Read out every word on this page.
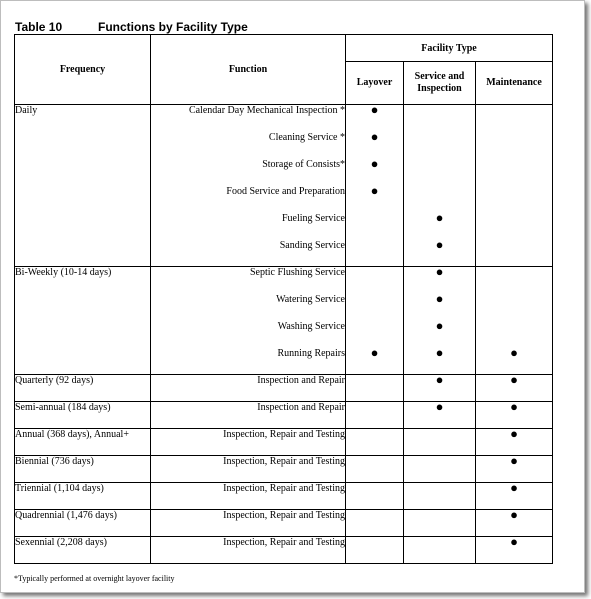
Table 10	Functions by Facility Type
Frequency	Function	Facility Type		
		Layover	Service and Inspection	Maintenance
Daily	Calendar Day Mechanical Inspection *	●		
	Cleaning Service *	●		
	Storage of Consists*	●		
	Food Service and Preparation	●		
	Fueling Service		●	
	Sanding Service		●	
Bi-Weekly (10-14 days)	Septic Flushing Service		●	
	Watering Service		●	
	Washing Service		●	
	Running Repairs	●	●	●
Quarterly (92 days)	Inspection and Repair		●	●
Semi-annual (184 days)	Inspection and Repair		●	●
Annual (368 days), Annual+	Inspection, Repair and Testing			●
Biennial (736 days)	Inspection, Repair and Testing			●
Triennial (1,104 days)	Inspection, Repair and Testing			●
Quadrennial (1,476 days)	Inspection, Repair and Testing			●
Sexennial (2,208 days)	Inspection, Repair and Testing			●
*Typically performed at overnight layover facility
